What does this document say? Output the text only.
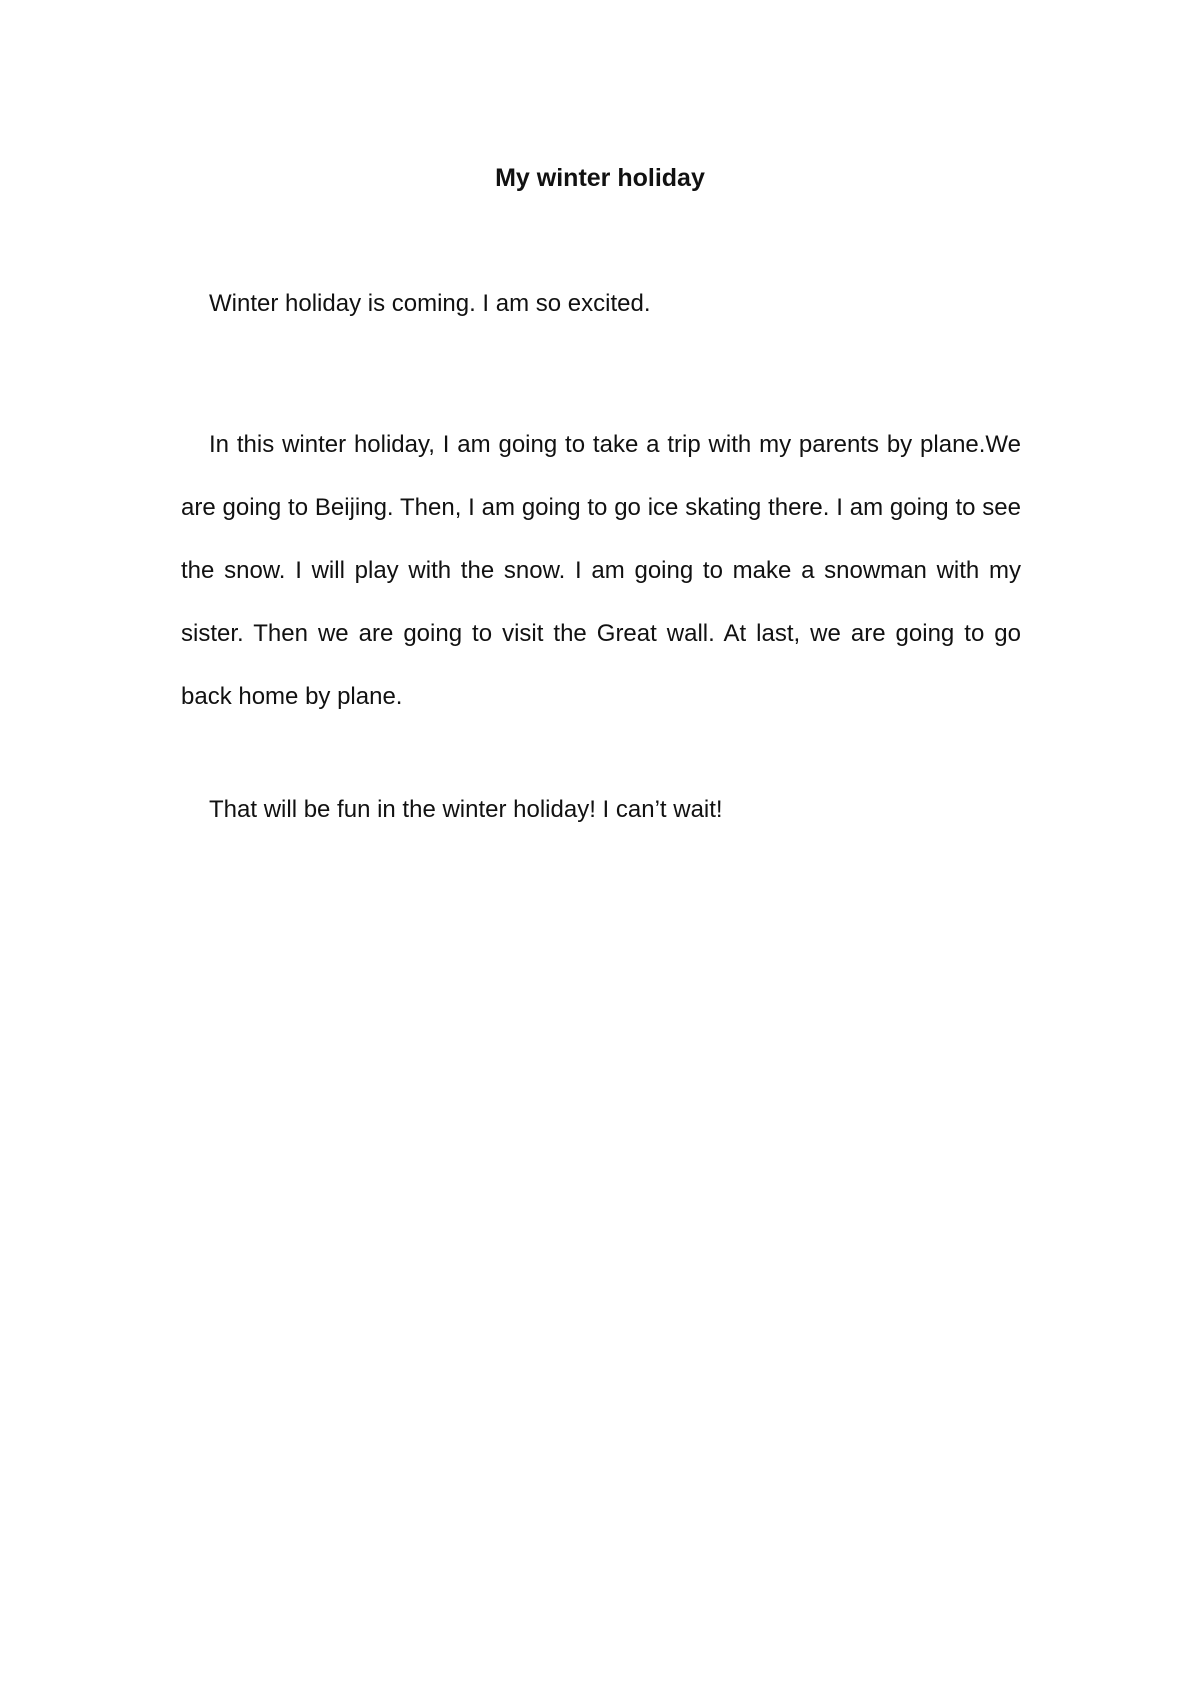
My winter holiday

Winter holiday is coming. I am so excited.

In this winter holiday, I am going to take a trip with my parents by plane.We are going to Beijing. Then, I am going to go ice skating there. I am going to see the snow. I will play with the snow. I am going to make a snowman with my sister. Then we are going to visit the Great wall. At last, we are going to go back home by plane.

That will be fun in the winter holiday! I can’t wait!
